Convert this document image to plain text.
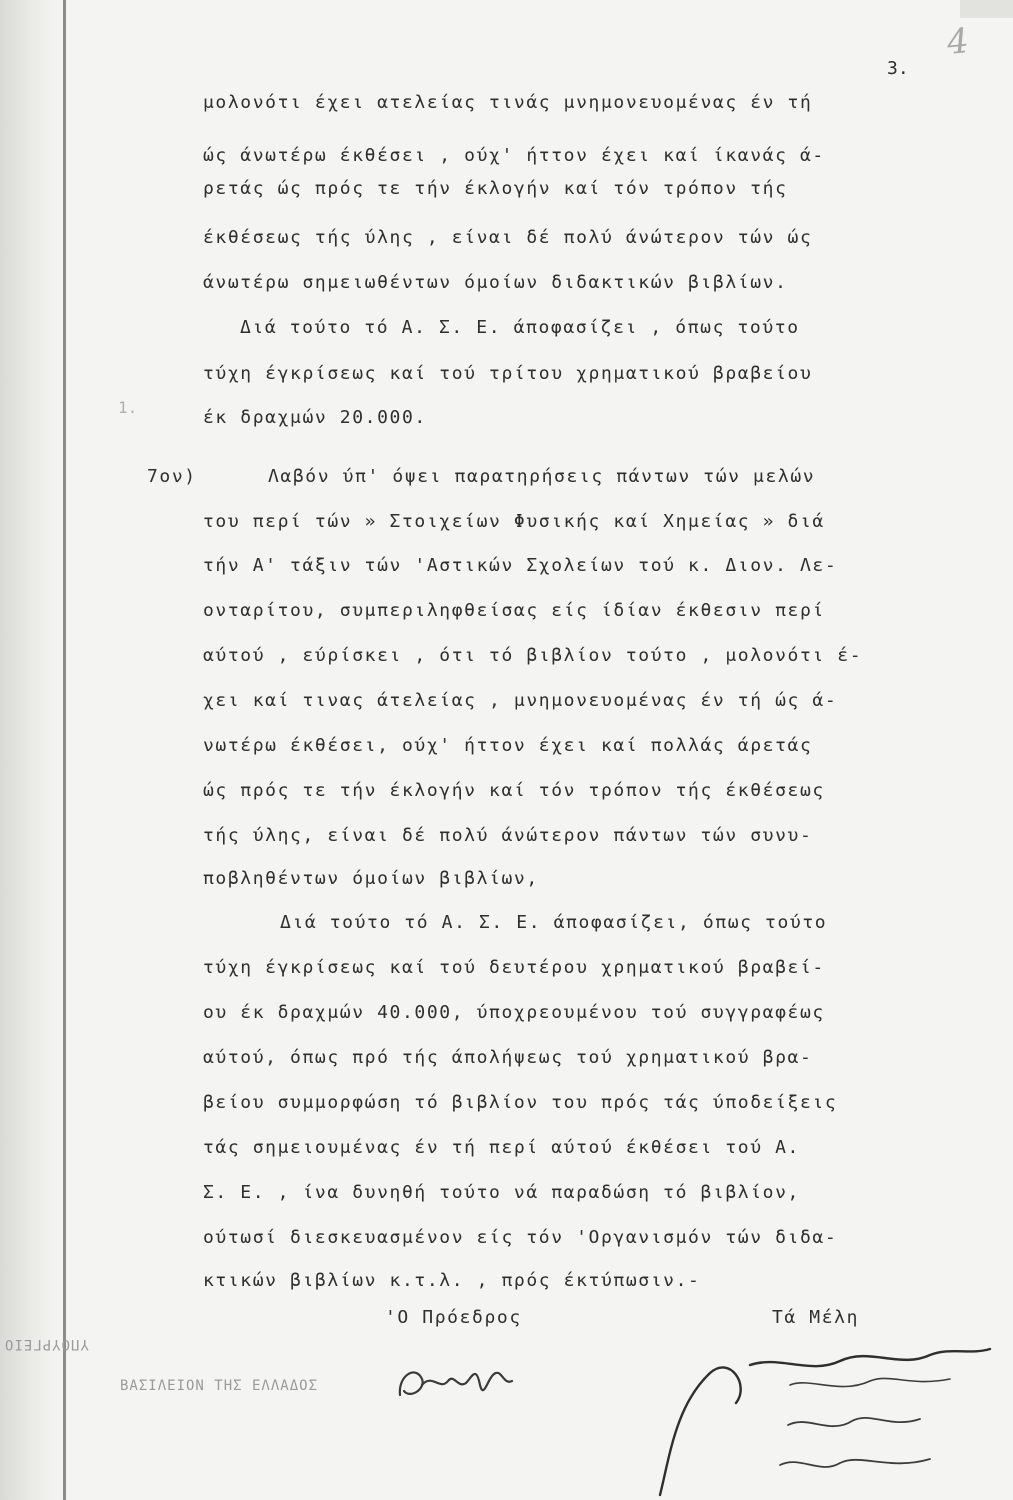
3.
4
1.
μολονότι έχει ατελείας τινάς μνημονευομένας έν τή
ώς άνωτέρω έκθέσει , ούχ' ήττον έχει καί ίκανάς ά-
ρετάς ώς πρός τε τήν έκλογήν καί τόν τρόπον τής
έκθέσεως τής ύλης , είναι δέ πολύ άνώτερον τών ώς
άνωτέρω σημειωθέντων όμοίων διδακτικών βιβλίων.
Διά τούτο τό Α. Σ. Ε. άποφασίζει , όπως τούτο
τύχη έγκρίσεως καί τού τρίτου χρηματικού βραβείου
έκ δραχμών 20.000.
7ον)	Λαβόν ύπ' όψει παρατηρήσεις πάντων τών μελών
του περί τών » Στοιχείων Φυσικής καί Χημείας » διά
τήν Α' τάξιν τών 'Αστικών Σχολείων τού κ. Διον. Λε-
ονταρίτου, συμπεριληφθείσας είς ίδίαν έκθεσιν περί
αύτού , εύρίσκει , ότι τό βιβλίον τούτο , μολονότι έ-
χει καί τινας άτελείας , μνημονευομένας έν τή ώς ά-
νωτέρω έκθέσει, ούχ' ήττον έχει καί πολλάς άρετάς
ώς πρός τε τήν έκλογήν καί τόν τρόπον τής έκθέσεως
τής ύλης, είναι δέ πολύ άνώτερον πάντων τών συνυ-
ποβληθέντων όμοίων βιβλίων,
Διά τούτο τό Α. Σ. Ε. άποφασίζει, όπως τούτο
τύχη έγκρίσεως καί τού δευτέρου χρηματικού βραβεί-
ου έκ δραχμών 40.000, ύποχρεουμένου τού συγγραφέως
αύτού, όπως πρό τής άπολήψεως τού χρηματικού βρα-
βείου συμμορφώση τό βιβλίον του πρός τάς ύποδείξεις
τάς σημειουμένας έν τή περί αύτού έκθέσει τού Α.
Σ. Ε. , ίνα δυνηθή τούτο νά παραδώση τό βιβλίον,
ούτωσί διεσκευασμένον είς τόν 'Οργανισμόν τών διδα-
κτικών βιβλίων κ.τ.λ. , πρός έκτύπωσιν.-
'Ο Πρόεδρος	Τά Μέλη
ΥΠΟΥΡΓΕΙΟ
ΒΑΣΙΛΕΙΟΝ ΤΗΣ ΕΛΛΑΔΟΣ
